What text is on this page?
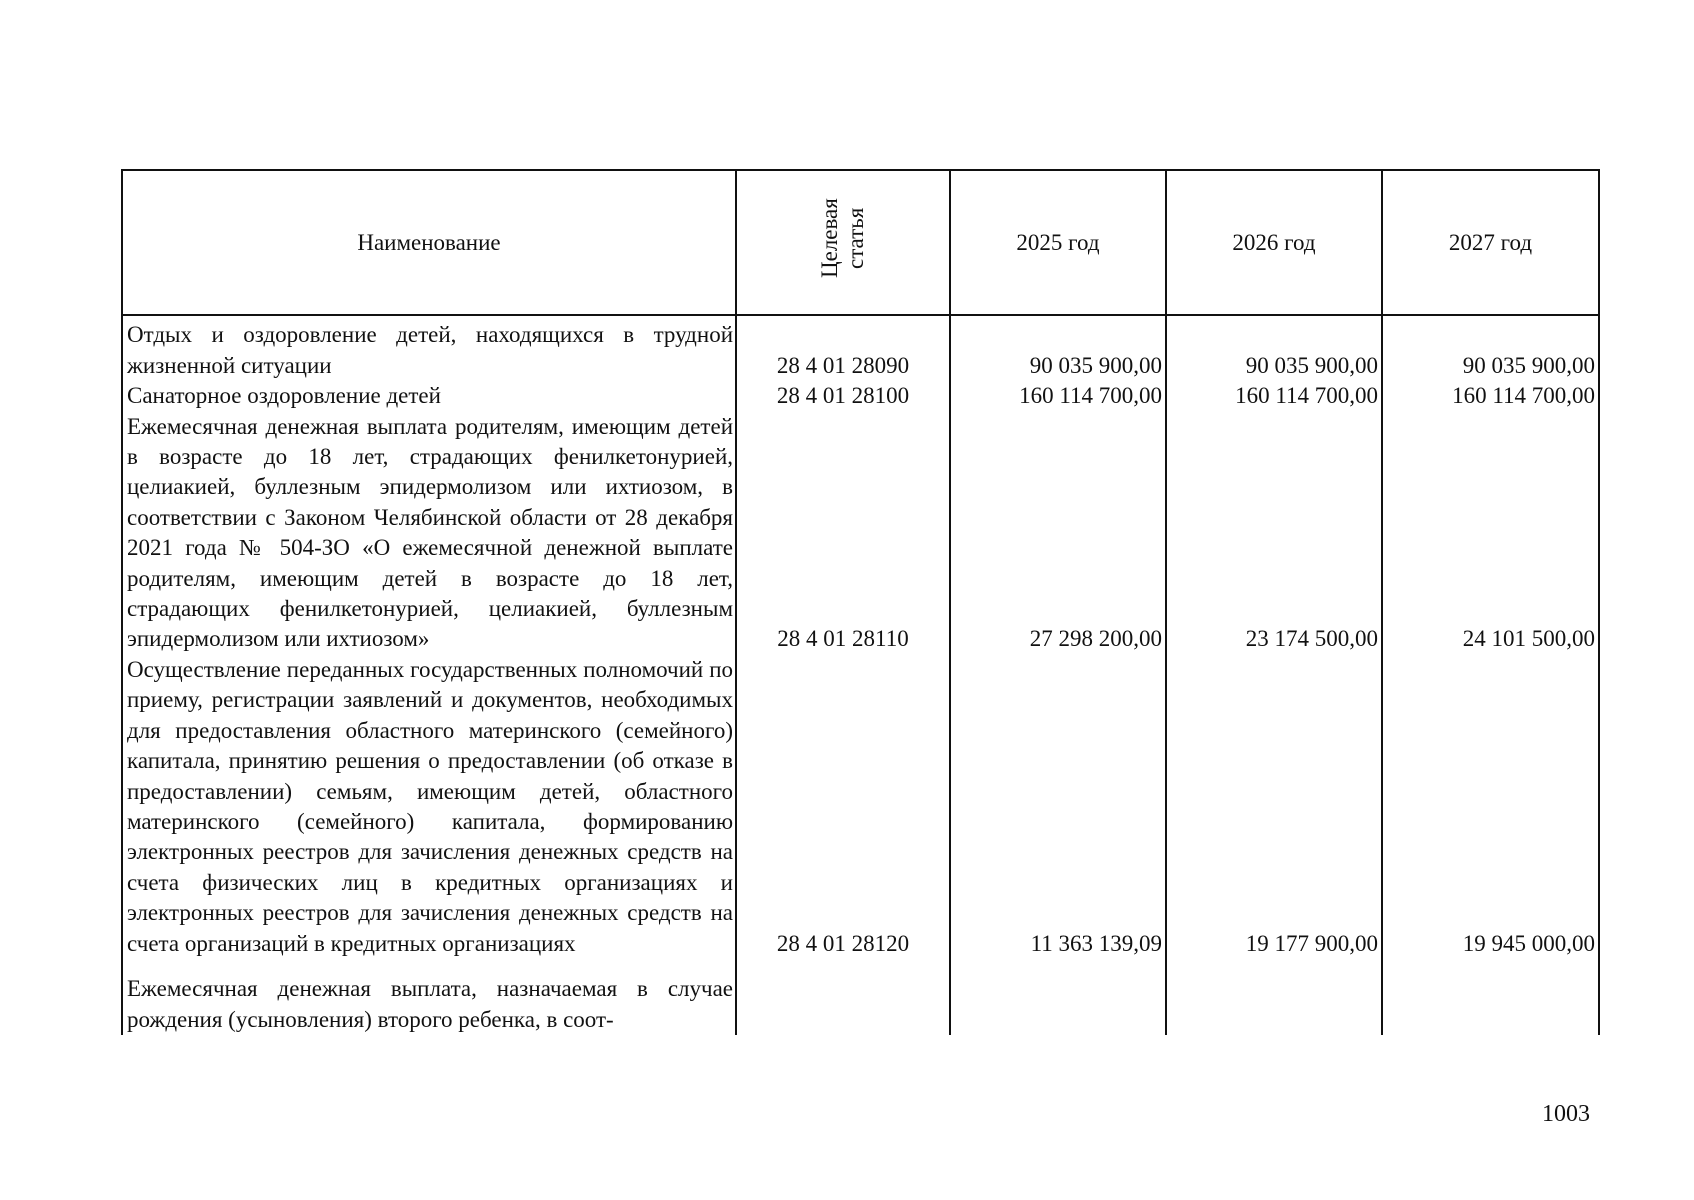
Наименование	Целевая статья	2025 год	2026 год	2027 год
Отдых и оздоровление детей, находящихся в трудной жизненной ситуации	28 4 01 28090	90 035 900,00	90 035 900,00	90 035 900,00
Санаторное оздоровление детей	28 4 01 28100	160 114 700,00	160 114 700,00	160 114 700,00
Ежемесячная денежная выплата родителям, имеющим детей в возрасте до 18 лет, страдающих фенилкетонурией, целиакией, буллезным эпидермолизом или ихтиозом, в соответствии с Законом Челябинской области от 28 декабря 2021 года № 504-ЗО «О ежемесячной денежной выплате родителям, имеющим детей в возрасте до 18 лет, страдающих фенилкетонурией, целиакией, буллезным эпидермолизом или ихтиозом»	28 4 01 28110	27 298 200,00	23 174 500,00	24 101 500,00
Осуществление переданных государственных полномочий по приему, регистрации заявлений и документов, необходимых для предоставления областного материнского (семейного) капитала, принятию решения о предоставлении (об отказе в предоставлении) семьям, имеющим детей, областного материнского (семейного) капитала, формированию электронных реестров для зачисления денежных средств на счета физических лиц в кредитных организациях и электронных реестров для зачисления денежных средств на счета организаций в кредитных организациях	28 4 01 28120	11 363 139,09	19 177 900,00	19 945 000,00
Ежемесячная денежная выплата, назначаемая в случае рождения (усыновления) второго ребенка, в соот-				
1003
